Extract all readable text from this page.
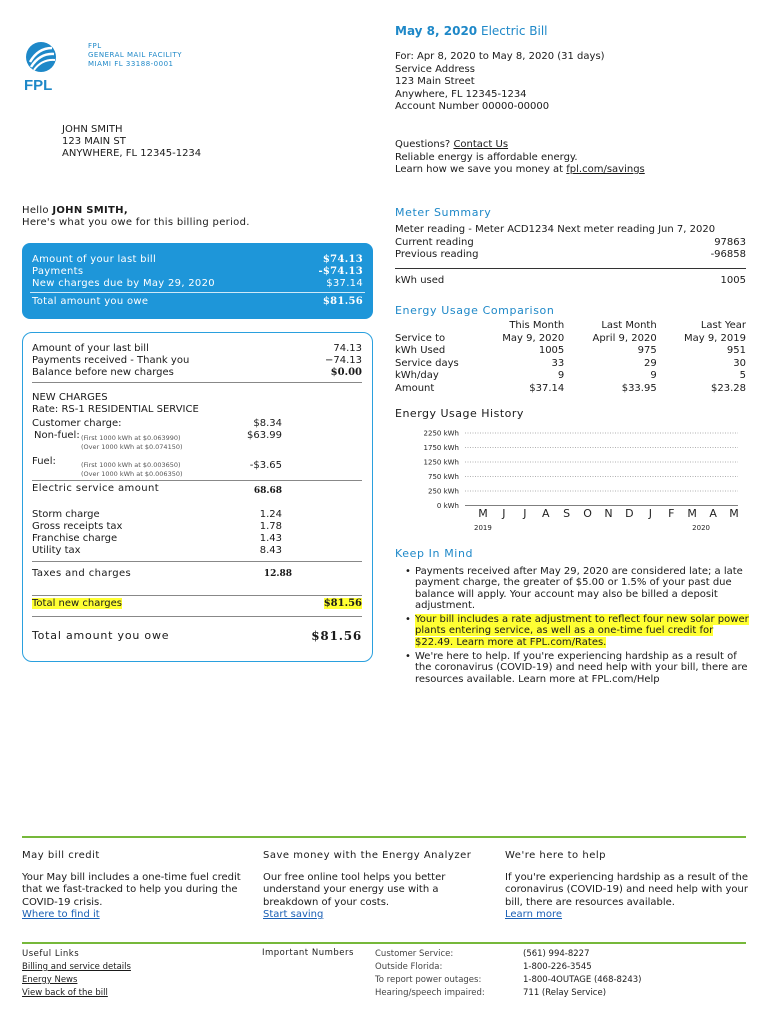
FPL
FPL
GENERAL MAIL FACILITY
MIAMI FL 33188-0001
JOHN SMITH
123 MAIN ST
ANYWHERE, FL 12345-1234
May 8, 2020 Electric Bill
For: Apr 8, 2020 to May 8, 2020 (31 days)
Service Address
123 Main Street
Anywhere, FL 12345-1234
Account Number 00000-00000
Questions? Contact Us
Reliable energy is affordable energy.
Learn how we save you money at fpl.com/savings
Hello JOHN SMITH,
Here's what you owe for this billing period.
Amount of your last bill	$74.13
Payments	-$74.13
New charges due by May 29, 2020	$37.14
Total amount you owe	$81.56
Amount of your last bill	74.13
Payments received - Thank you	−74.13
Balance before new charges	$0.00
NEW CHARGES
Rate: RS-1 RESIDENTIAL SERVICE
Customer charge:	$8.34
Non-fuel:	$63.99
(First 1000 kWh at $0.063990)
(Over 1000 kWh at $0.074150)
Fuel:	-$3.65
(First 1000 kWh at $0.003650)
(Over 1000 kWh at $0.006350)
Electric service amount	68.68
Storm charge	1.24
Gross receipts tax	1.78
Franchise charge	1.43
Utility tax	8.43
Taxes and charges	12.88
Total new charges	$81.56
Total amount you owe	$81.56
Meter Summary
Meter reading - Meter ACD1234 Next meter reading Jun 7, 2020
Current reading	97863
Previous reading	-96858
kWh used	1005
Energy Usage Comparison
	This Month	Last Month	Last Year
Service to	May 9, 2020	April 9, 2020	May 9, 2019
kWh Used	1005	975	951
Service days	33	29	30
kWh/day	9	9	5
Amount	$37.14	$33.95	$23.28
Energy Usage History
2250 kWh
1750 kWh
1250 kWh
750 kWh
250 kWh
0 kWh
M J J A S O N D J F M A M
2019	2020
Keep In Mind
• Payments received after May 29, 2020 are considered late; a late payment charge, the greater of $5.00 or 1.5% of your past due balance will apply. Your account may also be billed a deposit adjustment.
• Your bill includes a rate adjustment to reflect four new solar power plants entering service, as well as a one-time fuel credit for $22.49. Learn more at FPL.com/Rates.
• We're here to help. If you're experiencing hardship as a result of the coronavirus (COVID-19) and need help with your bill, there are resources available. Learn more at FPL.com/Help
May bill credit
Your May bill includes a one-time fuel credit that we fast-tracked to help you during the COVID-19 crisis.
Where to find it
Save money with the Energy Analyzer
Our free online tool helps you better understand your energy use with a breakdown of your costs.
Start saving
We're here to help
If you're experiencing hardship as a result of the coronavirus (COVID-19) and need help with your bill, there are resources available.
Learn more
Useful Links
Billing and service details
Energy News
View back of the bill
Important Numbers Customer Service:	(561) 994-8227
Outside Florida:	1-800-226-3545
To report power outages:	1-800-4OUTAGE (468-8243)
Hearing/speech impaired:	711 (Relay Service)
